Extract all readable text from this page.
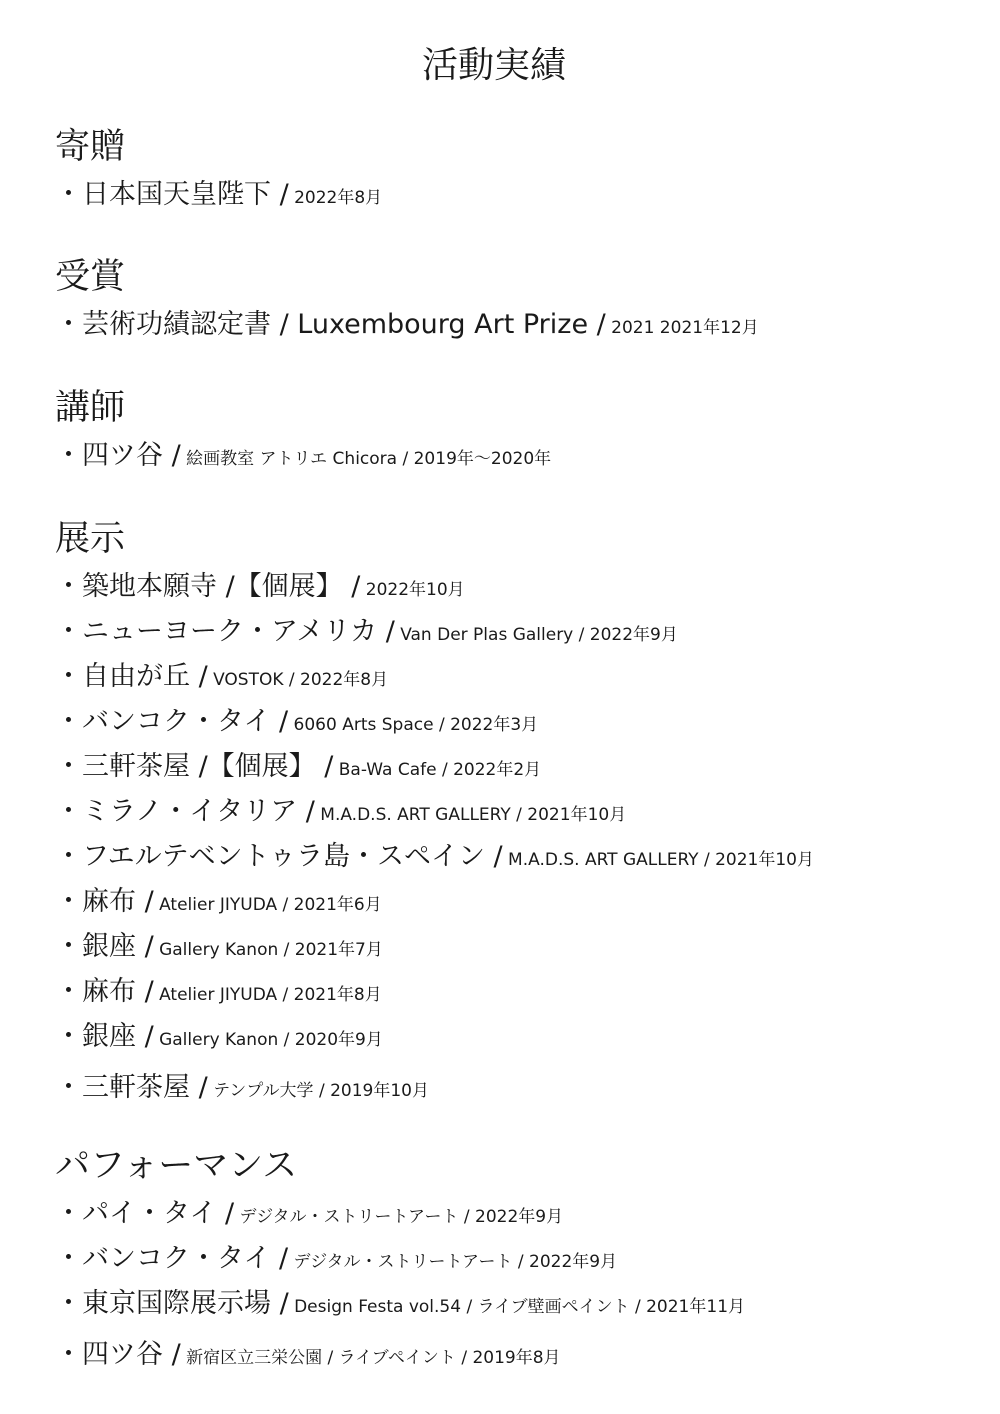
活動実績
寄贈
・日本国天皇陛下 / 2022年8月
受賞
・芸術功績認定書 / Luxembourg Art Prize / 2021 2021年12月
講師
・四ツ谷 / 絵画教室 アトリエ Chicora / 2019年〜2020年
展示
・築地本願寺 /【個展】 / 2022年10月
・ニューヨーク・アメリカ / Van Der Plas Gallery / 2022年9月
・自由が丘 / VOSTOK / 2022年8月
・バンコク・タイ / 6060 Arts Space / 2022年3月
・三軒茶屋 /【個展】 / Ba-Wa Cafe / 2022年2月
・ミラノ・イタリア / M.A.D.S. ART GALLERY / 2021年10月
・フエルテベントゥラ島・スペイン / M.A.D.S. ART GALLERY / 2021年10月
・麻布 / Atelier JIYUDA / 2021年6月
・銀座 / Gallery Kanon / 2021年7月
・麻布 / Atelier JIYUDA / 2021年8月
・銀座 / Gallery Kanon / 2020年9月
・三軒茶屋 / テンプル大学 / 2019年10月
パフォーマンス
・パイ・タイ / デジタル・ストリートアート / 2022年9月
・バンコク・タイ / デジタル・ストリートアート / 2022年9月
・東京国際展示場 / Design Festa vol.54 / ライブ壁画ペイント / 2021年11月
・四ツ谷 / 新宿区立三栄公園 / ライブペイント / 2019年8月
